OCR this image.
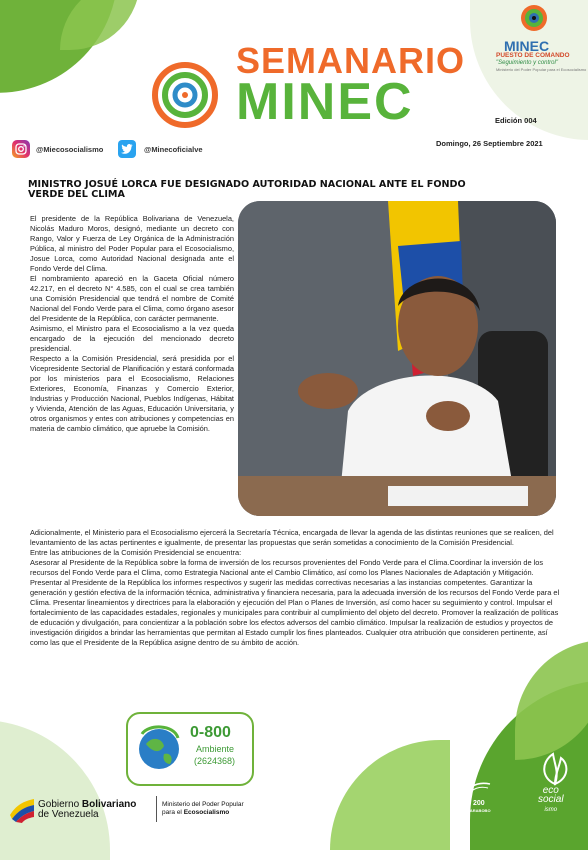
SEMANARIO
MINEC
MINEC
PUESTO DE COMANDO
"Seguimiento y control"
Ministerio del Poder Popular para el Ecosocialismo
Edición 004
Domingo, 26 Septiembre 2021
@Miecosocialismo	@Minecoficialve
MINISTRO JOSUÉ LORCA FUE DESIGNADO AUTORIDAD NACIONAL ANTE EL FONDO VERDE DEL CLIMA

El presidente de la República Bolivariana de Venezuela, Nicolás Maduro Moros, designó, mediante un decreto con Rango, Valor y Fuerza de Ley Orgánica de la Administración Pública, al ministro del Poder Popular para el Ecosocialismo, Josue Lorca, como Autoridad Nacional designada ante el Fondo Verde del Clima.

El nombramiento apareció en la Gaceta Oficial número 42.217, en el decreto N° 4.585, con el cual se crea también una Comisión Presidencial que tendrá el nombre de Comité Nacional del Fondo Verde para el Clima, como órgano asesor del Presidente de la República, con carácter permanente.

Asimismo, el Ministro para el Ecosocialismo a la vez queda encargado de la ejecución del mencionado decreto presidencial.

Respecto a la Comisión Presidencial, será presidida por el Vicepresidente Sectorial de Planificación y estará conformada por los ministerios para el Ecosocialismo, Relaciones Exteriores, Economía, Finanzas y Comercio Exterior, Industrias y Producción Nacional, Pueblos Indígenas, Hábitat y Vivienda, Atención de las Aguas, Educación Universitaria, y otros organismos y entes con atribuciones y competencias en materia de cambio climático, que apruebe la Comisión.

Adicionalmente, el Ministerio para el Ecosocialismo ejercerá la Secretaría Técnica, encargada de llevar la agenda de las distintas reuniones que se realicen, del levantamiento de las actas pertinentes e igualmente, de presentar las propuestas que serán sometidas a conocimiento de la Comisión Presidencial.

Entre las atribuciones de la Comisión Presidencial se encuentra:

Asesorar al Presidente de la República sobre la forma de inversión de los recursos provenientes del Fondo Verde para el Clima.Coordinar la inversión de los recursos del Fondo Verde para el Clima, como Estrategia Nacional ante el Cambio Climático, así como los Planes Nacionales de Adaptación y Mitigación. Presentar al Presidente de la República los informes respectivos y sugerir las medidas correctivas necesarias a las instancias competentes. Garantizar la generación y gestión efectiva de la información técnica, administrativa y financiera necesaria, para la adecuada inversión de los recursos del Fondo Verde para el Clima. Presentar lineamientos y directrices para la elaboración y ejecución del Plan o Planes de Inversión, así como hacer su seguimiento y control. Impulsar el fortalecimiento de las capacidades estadales, regionales y municipales para contribuir al cumplimiento del objeto del decreto. Promover la realización de políticas de educación y divulgación, para concientizar a la población sobre los efectos adversos del cambio climático. Impulsar la realización de estudios y proyectos de investigación dirigidos a brindar las herramientas que permitan al Estado cumplir los fines planteados. Cualquier otra atribución que consideren pertinente, así como las que el Presidente de la República asigne dentro de su ámbito de acción.

0-800
Ambiente
(2624368)
Gobierno Bolivariano
de Venezuela
Ministerio del Poder Popular
para el Ecosocialismo
200
CARABOBO
eco
social
ismo
